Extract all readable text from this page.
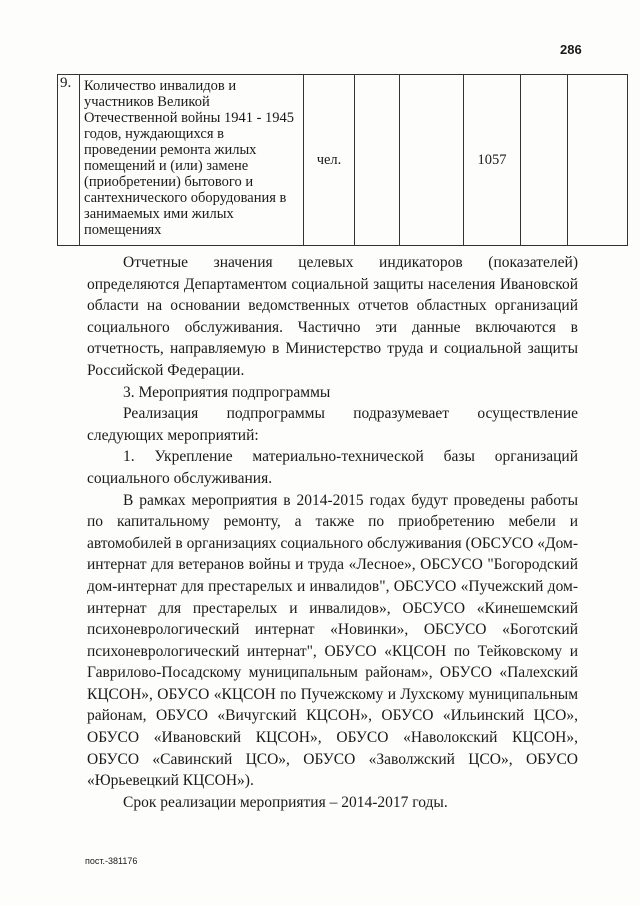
286
9.	Количество инвалидов и участников Великой Отечественной войны 1941 - 1945 годов, нуждающихся в проведении ремонта жилых помещений и (или) замене (приобретении) бытового и сантехнического оборудования в занимаемых ими жилых помещениях	чел.			1057		

Отчетные значения целевых индикаторов (показателей) определяются Департаментом социальной защиты населения Ивановской области на основании ведомственных отчетов областных организаций социального обслуживания. Частично эти данные включаются в отчетность, направляемую в Министерство труда и социальной защиты Российской Федерации.

3. Мероприятия подпрограммы

Реализация подпрограммы подразумевает осуществление следующих мероприятий:

1. Укрепление материально-технической базы организаций социального обслуживания.

В рамках мероприятия в 2014-2015 годах будут проведены работы по капитальному ремонту, а также по приобретению мебели и автомобилей в организациях социального обслуживания (ОБСУСО «Дом-интернат для ветеранов войны и труда «Лесное», ОБСУСО "Богородский дом-интернат для престарелых и инвалидов", ОБСУСО «Пучежский дом-интернат для престарелых и инвалидов», ОБСУСО «Кинешемский психоневрологический интернат «Новинки», ОБСУСО «Боготский психоневрологический интернат", ОБУСО «КЦСОН по Тейковскому и Гаврилово-Посадскому муниципальным районам», ОБУСО «Палехский КЦСОН», ОБУСО «КЦСОН по Пучежскому и Лухскому муниципальным районам, ОБУСО «Вичугский КЦСОН», ОБУСО «Ильинский ЦСО», ОБУСО «Ивановский КЦСОН», ОБУСО «Наволокский КЦСОН», ОБУСО «Савинский ЦСО», ОБУСО «Заволжский ЦСО», ОБУСО «Юрьевецкий КЦСОН»).

Срок реализации мероприятия – 2014-2017 годы.

пост.-381176
